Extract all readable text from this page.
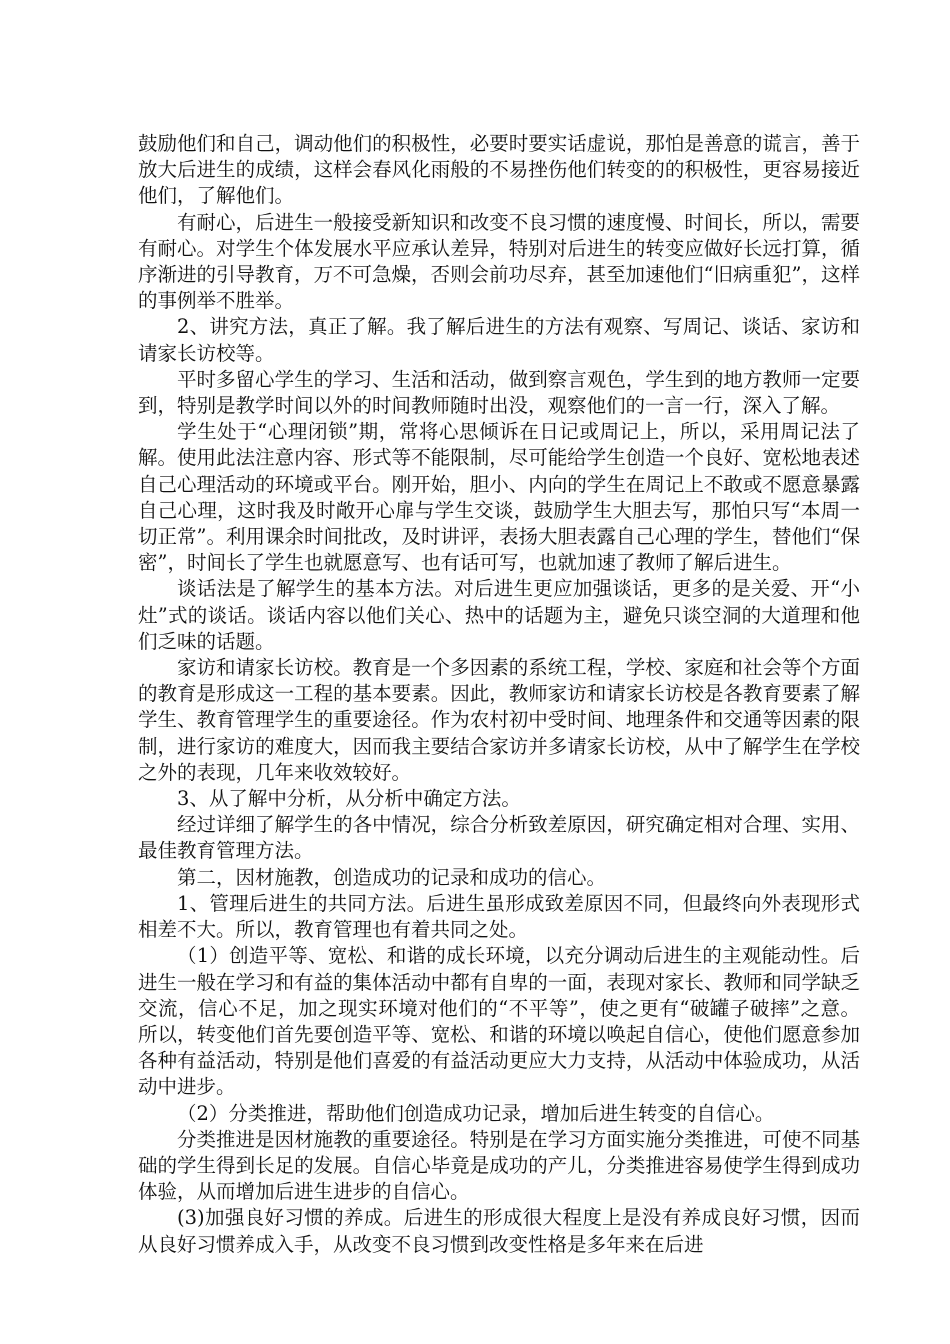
鼓励他们和自己，调动他们的积极性，必要时要实话虚说，那怕是善意的谎言，善于放大后进生的成绩，这样会春风化雨般的不易挫伤他们转变的的积极性，更容易接近他们，了解他们。

有耐心，后进生一般接受新知识和改变不良习惯的速度慢、时间长，所以，需要有耐心。对学生个体发展水平应承认差异，特别对后进生的转变应做好长远打算，循序渐进的引导教育，万不可急燥，否则会前功尽弃，甚至加速他们“旧病重犯”，这样的事例举不胜举。

2、讲究方法，真正了解。我了解后进生的方法有观察、写周记、谈话、家访和请家长访校等。

平时多留心学生的学习、生活和活动，做到察言观色，学生到的地方教师一定要到，特别是教学时间以外的时间教师随时出没，观察他们的一言一行，深入了解。

学生处于“心理闭锁”期，常将心思倾诉在日记或周记上，所以，采用周记法了解。使用此法注意内容、形式等不能限制，尽可能给学生创造一个良好、宽松地表述自己心理活动的环境或平台。刚开始，胆小、内向的学生在周记上不敢或不愿意暴露自己心理，这时我及时敞开心扉与学生交谈，鼓励学生大胆去写，那怕只写“本周一切正常”。利用课余时间批改，及时讲评，表扬大胆表露自己心理的学生，替他们“保密”，时间长了学生也就愿意写、也有话可写，也就加速了教师了解后进生。

谈话法是了解学生的基本方法。对后进生更应加强谈话，更多的是关爱、开“小灶”式的谈话。谈话内容以他们关心、热中的话题为主，避免只谈空洞的大道理和他们乏味的话题。

家访和请家长访校。教育是一个多因素的系统工程，学校、家庭和社会等个方面的教育是形成这一工程的基本要素。因此，教师家访和请家长访校是各教育要素了解学生、教育管理学生的重要途径。作为农村初中受时间、地理条件和交通等因素的限制，进行家访的难度大，因而我主要结合家访并多请家长访校，从中了解学生在学校之外的表现，几年来收效较好。

3、从了解中分析，从分析中确定方法。

经过详细了解学生的各中情况，综合分析致差原因，研究确定相对合理、实用、最佳教育管理方法。

第二，因材施教，创造成功的记录和成功的信心。

1、管理后进生的共同方法。后进生虽形成致差原因不同，但最终向外表现形式相差不大。所以，教育管理也有着共同之处。

（1）创造平等、宽松、和谐的成长环境，以充分调动后进生的主观能动性。后进生一般在学习和有益的集体活动中都有自卑的一面，表现对家长、教师和同学缺乏交流，信心不足，加之现实环境对他们的“不平等”，使之更有“破罐子破摔”之意。所以，转变他们首先要创造平等、宽松、和谐的环境以唤起自信心，使他们愿意参加各种有益活动，特别是他们喜爱的有益活动更应大力支持，从活动中体验成功，从活动中进步。

（2）分类推进，帮助他们创造成功记录，增加后进生转变的自信心。

分类推进是因材施教的重要途径。特别是在学习方面实施分类推进，可使不同基础的学生得到长足的发展。自信心毕竟是成功的产儿，分类推进容易使学生得到成功体验，从而增加后进生进步的自信心。

(3)加强良好习惯的养成。后进生的形成很大程度上是没有养成良好习惯，因而从良好习惯养成入手，从改变不良习惯到改变性格是多年来在后进
